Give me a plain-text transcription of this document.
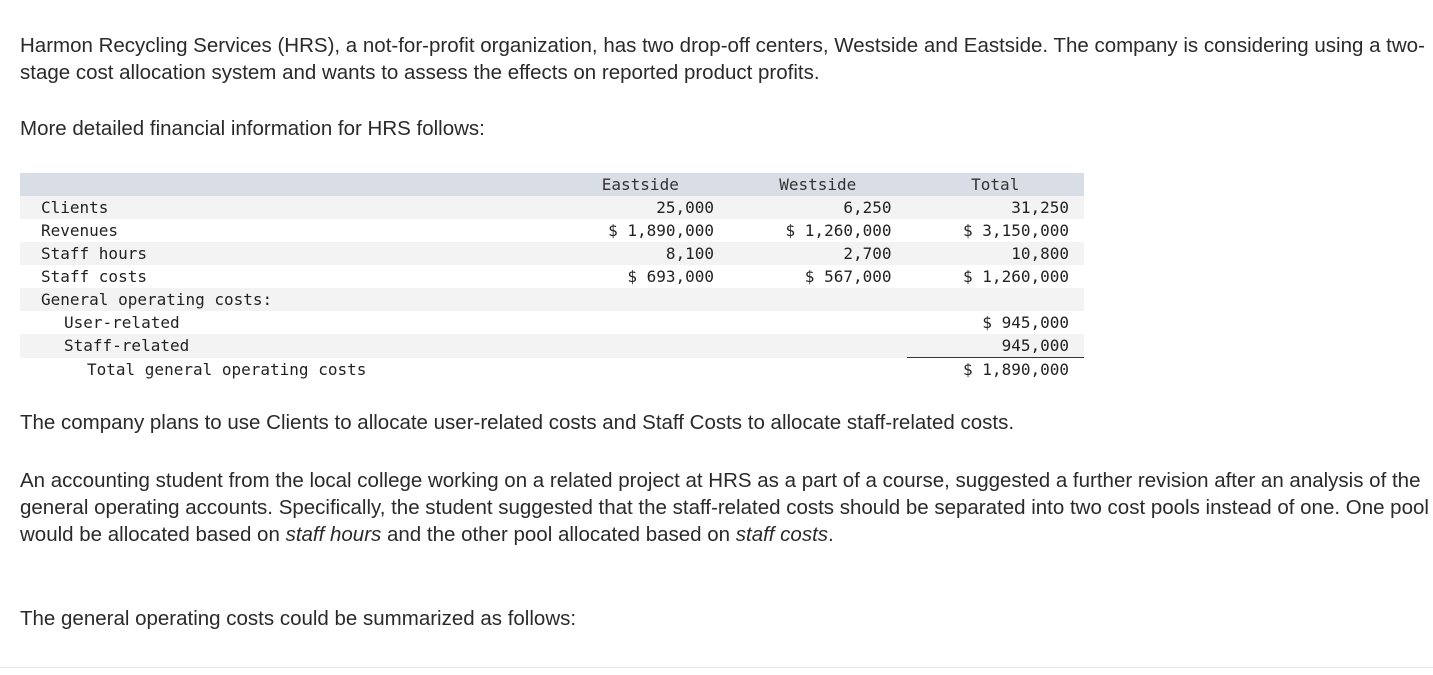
Harmon Recycling Services (HRS), a not-for-profit organization, has two drop-off centers, Westside and Eastside. The company is considering using a two-stage cost allocation system and wants to assess the effects on reported product profits.

More detailed financial information for HRS follows:

	Eastside	Westside	Total
Clients	25,000	6,250	31,250
Revenues	$ 1,890,000	$ 1,260,000	$ 3,150,000
Staff hours	8,100	2,700	10,800
Staff costs	$ 693,000	$ 567,000	$ 1,260,000
General operating costs:			
User-related			$ 945,000
Staff-related			945,000
Total general operating costs			$ 1,890,000

The company plans to use Clients to allocate user-related costs and Staff Costs to allocate staff-related costs.

An accounting student from the local college working on a related project at HRS as a part of a course, suggested a further revision after an analysis of the general operating accounts. Specifically, the student suggested that the staff-related costs should be separated into two cost pools instead of one. One pool would be allocated based on staff hours and the other pool allocated based on staff costs.

The general operating costs could be summarized as follows:
